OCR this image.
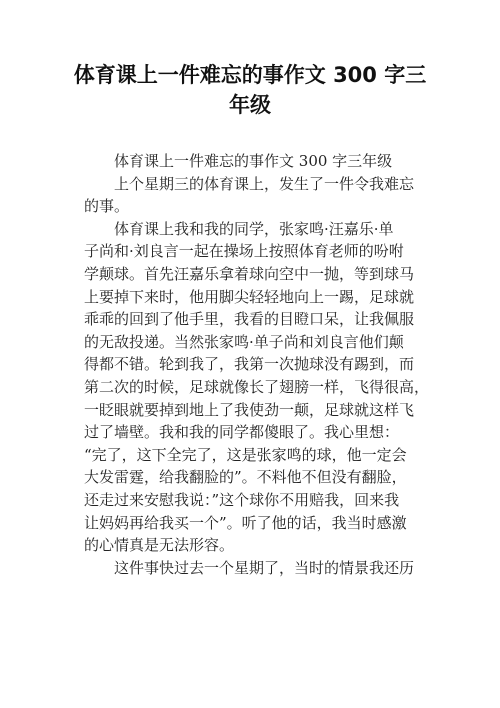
体育课上一件难忘的事作文 300 字三
年级

体育课上一件难忘的事作文 300 字三年级

上个星期三的体育课上，发生了一件令我难忘
的事。

体育课上我和我的同学，张家鸣·汪嘉乐·单
子尚和·刘良言一起在操场上按照体育老师的吩咐
学颠球。首先汪嘉乐拿着球向空中一抛，等到球马
上要掉下来时，他用脚尖轻轻地向上一踢，足球就
乖乖的回到了他手里，我看的目瞪口呆，让我佩服
的无敌投递。当然张家鸣·单子尚和刘良言他们颠
得都不错。轮到我了，我第一次抛球没有踢到，而
第二次的时候，足球就像长了翅膀一样，飞得很高，
一眨眼就要掉到地上了我使劲一颠，足球就这样飞
过了墙壁。我和我的同学都傻眼了。我心里想：
“完了，这下全完了，这是张家鸣的球，他一定会
大发雷霆，给我翻脸的”。不料他不但没有翻脸，
还走过来安慰我说：”这个球你不用赔我，回来我
让妈妈再给我买一个”。听了他的话，我当时感激
的心情真是无法形容。

这件事快过去一个星期了，当时的情景我还历
